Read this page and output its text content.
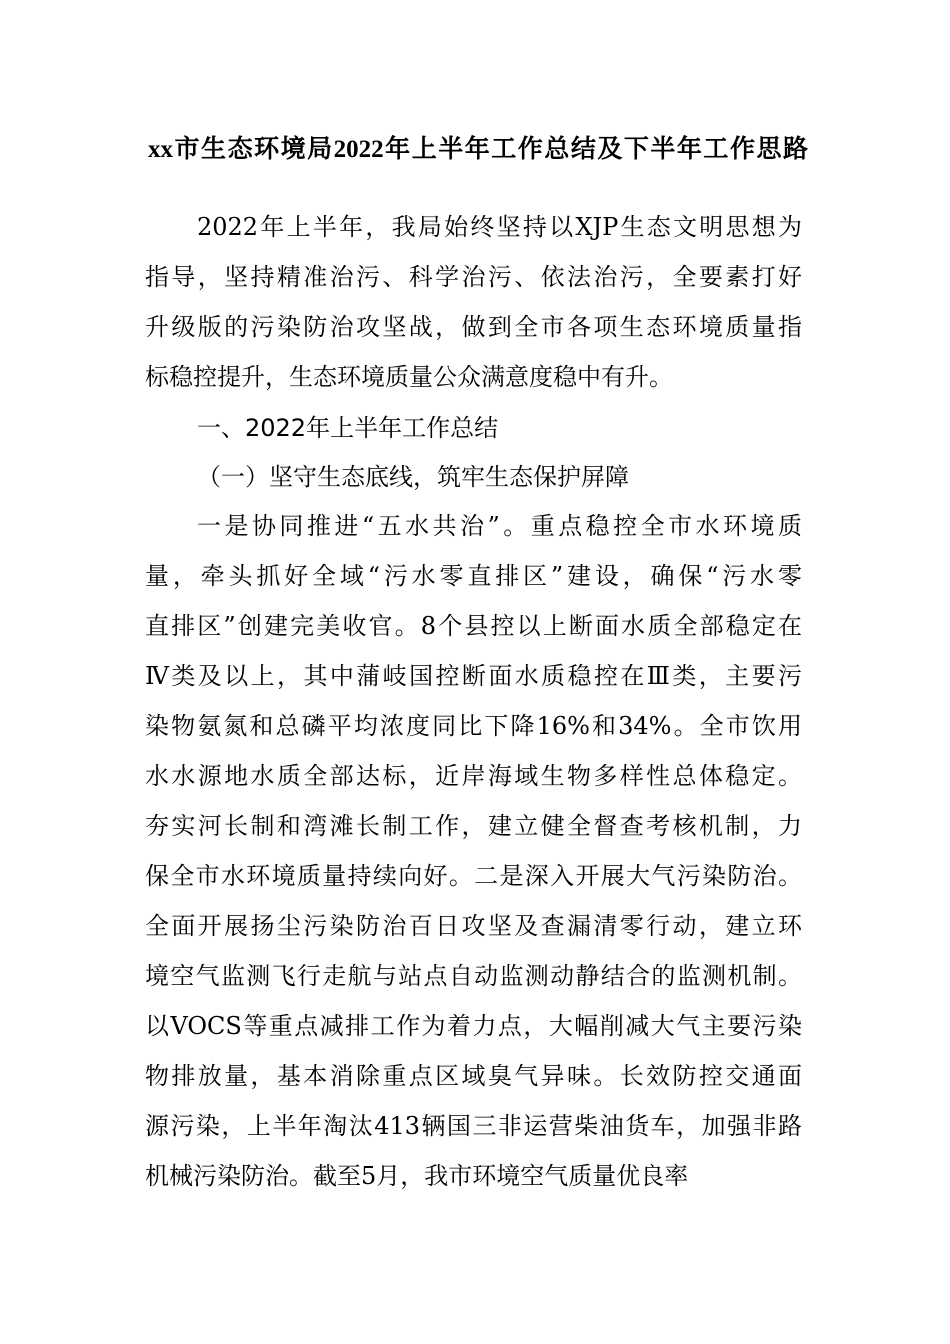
xx市生态环境局2022年上半年工作总结及下半年工作思路
2022年上半年，我局始终坚持以XJP生态文明思想为
指导，坚持精准治污、科学治污、依法治污，全要素打好
升级版的污染防治攻坚战，做到全市各项生态环境质量指
标稳控提升，生态环境质量公众满意度稳中有升。
一、2022年上半年工作总结
（一）坚守生态底线，筑牢生态保护屏障
一是协同推进“五水共治”。重点稳控全市水环境质
量，牵头抓好全域“污水零直排区”建设，确保“污水零
直排区”创建完美收官。8个县控以上断面水质全部稳定在
Ⅳ类及以上，其中蒲岐国控断面水质稳控在Ⅲ类，主要污
染物氨氮和总磷平均浓度同比下降16%和34%。全市饮用
水水源地水质全部达标，近岸海域生物多样性总体稳定。
夯实河长制和湾滩长制工作，建立健全督查考核机制，力
保全市水环境质量持续向好。二是深入开展大气污染防治。
全面开展扬尘污染防治百日攻坚及查漏清零行动，建立环
境空气监测飞行走航与站点自动监测动静结合的监测机制。
以VOCS等重点减排工作为着力点，大幅削减大气主要污染
物排放量，基本消除重点区域臭气异味。长效防控交通面
源污染，上半年淘汰413辆国三非运营柴油货车，加强非路
机械污染防治。截至5月，我市环境空气质量优良率
